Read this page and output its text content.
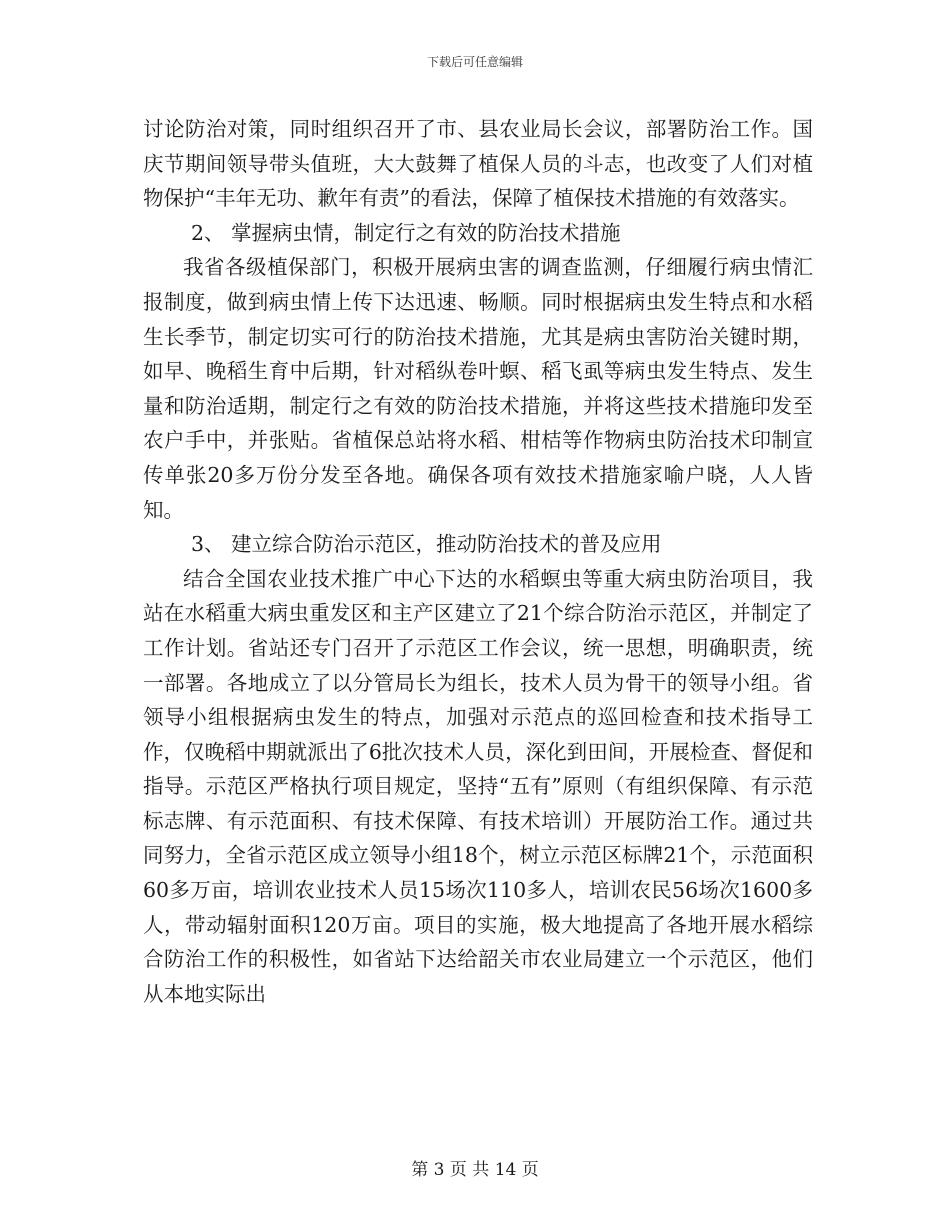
下载后可任意编辑

讨论防治对策，同时组织召开了市、县农业局长会议，部署防治工作。国庆节期间领导带头值班，大大鼓舞了植保人员的斗志，也改变了人们对植物保护“丰年无功、歉年有责”的看法，保障了植保技术措施的有效落实。

2、 掌握病虫情，制定行之有效的防治技术措施

我省各级植保部门，积极开展病虫害的调查监测，仔细履行病虫情汇报制度，做到病虫情上传下达迅速、畅顺。同时根据病虫发生特点和水稻生长季节，制定切实可行的防治技术措施，尤其是病虫害防治关键时期，如早、晚稻生育中后期，针对稻纵卷叶螟、稻飞虱等病虫发生特点、发生量和防治适期，制定行之有效的防治技术措施，并将这些技术措施印发至农户手中，并张贴。省植保总站将水稻、柑桔等作物病虫防治技术印制宣传单张20多万份分发至各地。确保各项有效技术措施家喻户晓，人人皆知。

3、 建立综合防治示范区，推动防治技术的普及应用

结合全国农业技术推广中心下达的水稻螟虫等重大病虫防治项目，我站在水稻重大病虫重发区和主产区建立了21个综合防治示范区，并制定了工作计划。省站还专门召开了示范区工作会议，统一思想，明确职责，统一部署。各地成立了以分管局长为组长，技术人员为骨干的领导小组。省领导小组根据病虫发生的特点，加强对示范点的巡回检查和技术指导工作，仅晚稻中期就派出了6批次技术人员，深化到田间，开展检查、督促和指导。示范区严格执行项目规定，坚持“五有”原则（有组织保障、有示范标志牌、有示范面积、有技术保障、有技术培训）开展防治工作。通过共同努力，全省示范区成立领导小组18个，树立示范区标牌21个，示范面积60多万亩，培训农业技术人员15场次110多人，培训农民56场次1600多人，带动辐射面积120万亩。项目的实施，极大地提高了各地开展水稻综合防治工作的积极性，如省站下达给韶关市农业局建立一个示范区，他们从本地实际出

第 3 页 共 14 页
